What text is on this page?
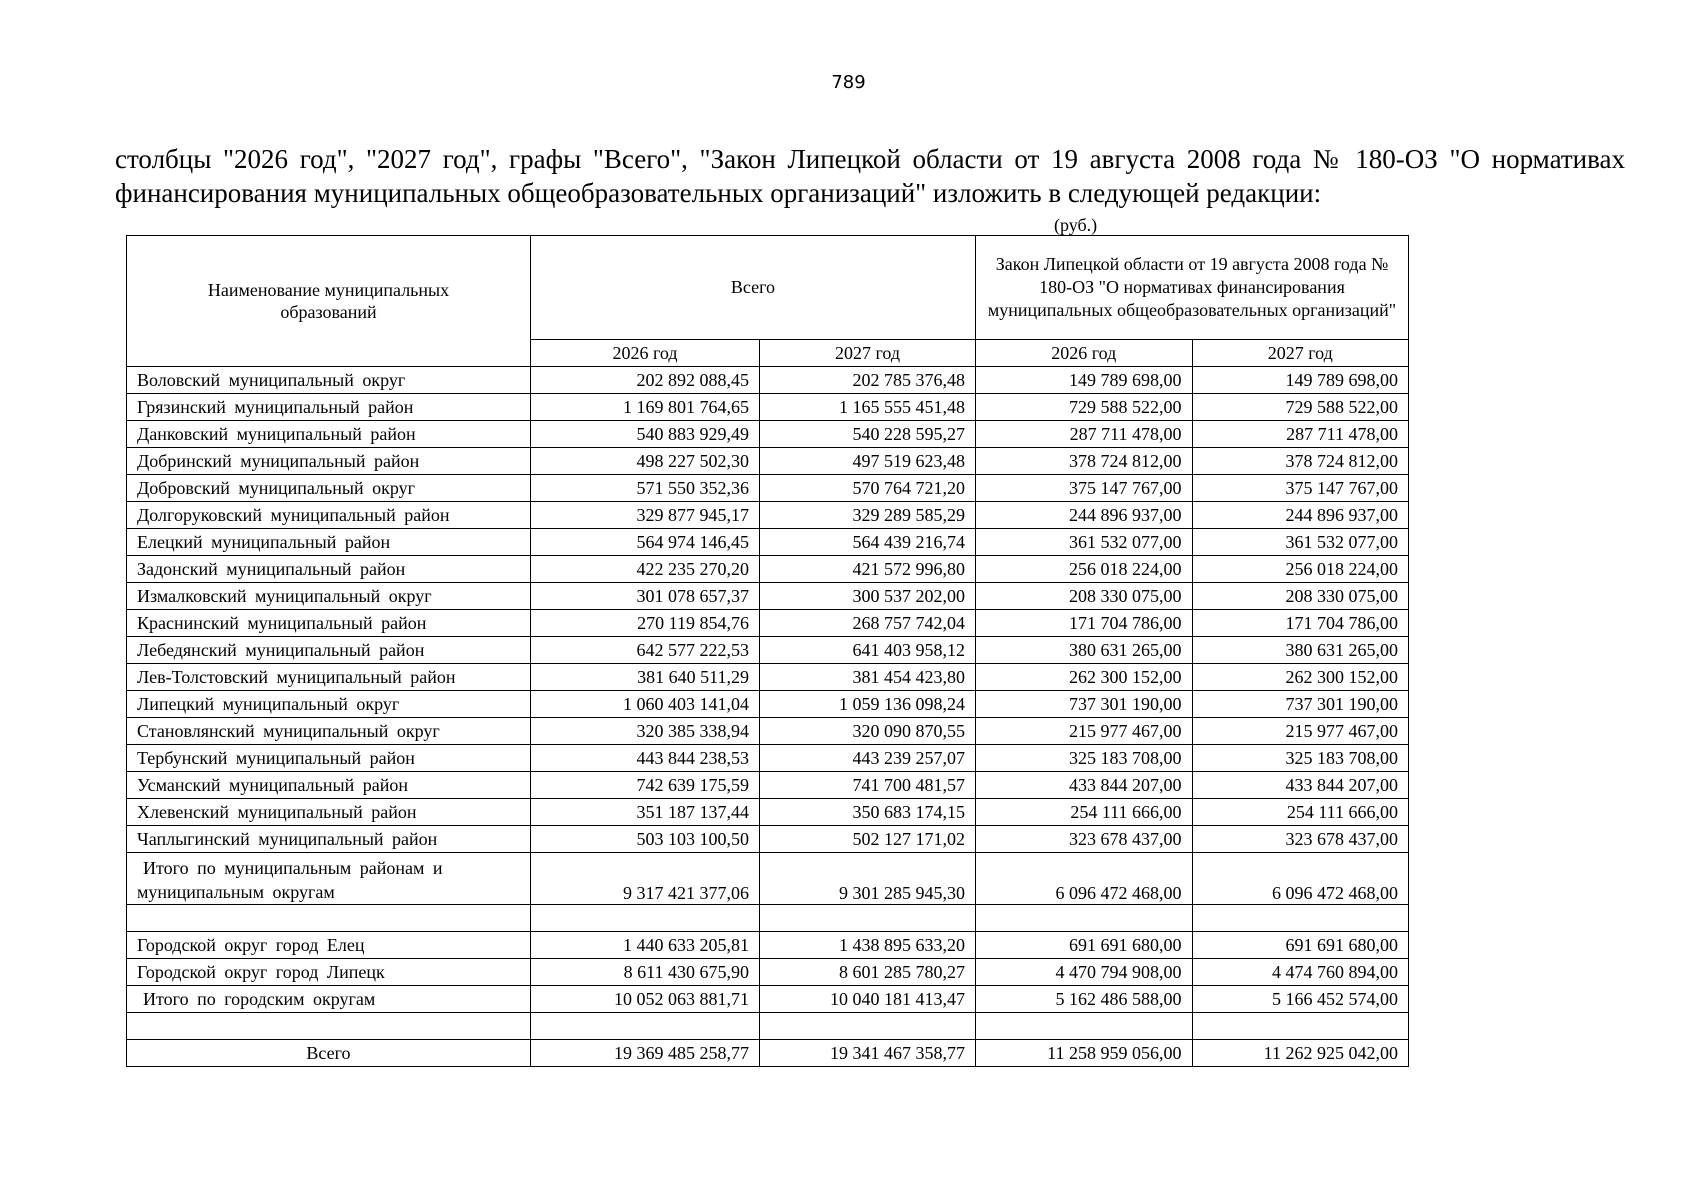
789

столбцы "2026 год", "2027 год", графы "Всего", "Закон Липецкой области от 19 августа 2008 года № 180-ОЗ "О нормативах финансирования муниципальных общеобразовательных организаций" изложить в следующей редакции:

(руб.)
Наименование муниципальных образований	Всего		Закон Липецкой области от 19 августа 2008 года № 180-ОЗ "О нормативах финансирования муниципальных общеобразовательных организаций"	
	2026 год	2027 год	2026 год	2027 год
Воловский муниципальный округ	202 892 088,45	202 785 376,48	149 789 698,00	149 789 698,00
Грязинский муниципальный район	1 169 801 764,65	1 165 555 451,48	729 588 522,00	729 588 522,00
Данковский муниципальный район	540 883 929,49	540 228 595,27	287 711 478,00	287 711 478,00
Добринский муниципальный район	498 227 502,30	497 519 623,48	378 724 812,00	378 724 812,00
Добровский муниципальный округ	571 550 352,36	570 764 721,20	375 147 767,00	375 147 767,00
Долгоруковский муниципальный район	329 877 945,17	329 289 585,29	244 896 937,00	244 896 937,00
Елецкий муниципальный район	564 974 146,45	564 439 216,74	361 532 077,00	361 532 077,00
Задонский муниципальный район	422 235 270,20	421 572 996,80	256 018 224,00	256 018 224,00
Измалковский муниципальный округ	301 078 657,37	300 537 202,00	208 330 075,00	208 330 075,00
Краснинский муниципальный район	270 119 854,76	268 757 742,04	171 704 786,00	171 704 786,00
Лебедянский муниципальный район	642 577 222,53	641 403 958,12	380 631 265,00	380 631 265,00
Лев-Толстовский муниципальный район	381 640 511,29	381 454 423,80	262 300 152,00	262 300 152,00
Липецкий муниципальный округ	1 060 403 141,04	1 059 136 098,24	737 301 190,00	737 301 190,00
Становлянский муниципальный округ	320 385 338,94	320 090 870,55	215 977 467,00	215 977 467,00
Тербунский муниципальный район	443 844 238,53	443 239 257,07	325 183 708,00	325 183 708,00
Усманский муниципальный район	742 639 175,59	741 700 481,57	433 844 207,00	433 844 207,00
Хлевенский муниципальный район	351 187 137,44	350 683 174,15	254 111 666,00	254 111 666,00
Чаплыгинский муниципальный район	503 103 100,50	502 127 171,02	323 678 437,00	323 678 437,00

Итого по муниципальным районам и
муниципальным округам	9 317 421 377,06	9 301 285 945,30	6 096 472 468,00	6 096 472 468,00

Городской округ город Елец	1 440 633 205,81	1 438 895 633,20	691 691 680,00	691 691 680,00
Городской округ город Липецк	8 611 430 675,90	8 601 285 780,27	4 470 794 908,00	4 474 760 894,00
Итого по городским округам	10 052 063 881,71	10 040 181 413,47	5 162 486 588,00	5 166 452 574,00

Всего	19 369 485 258,77	19 341 467 358,77	11 258 959 056,00	11 262 925 042,00
